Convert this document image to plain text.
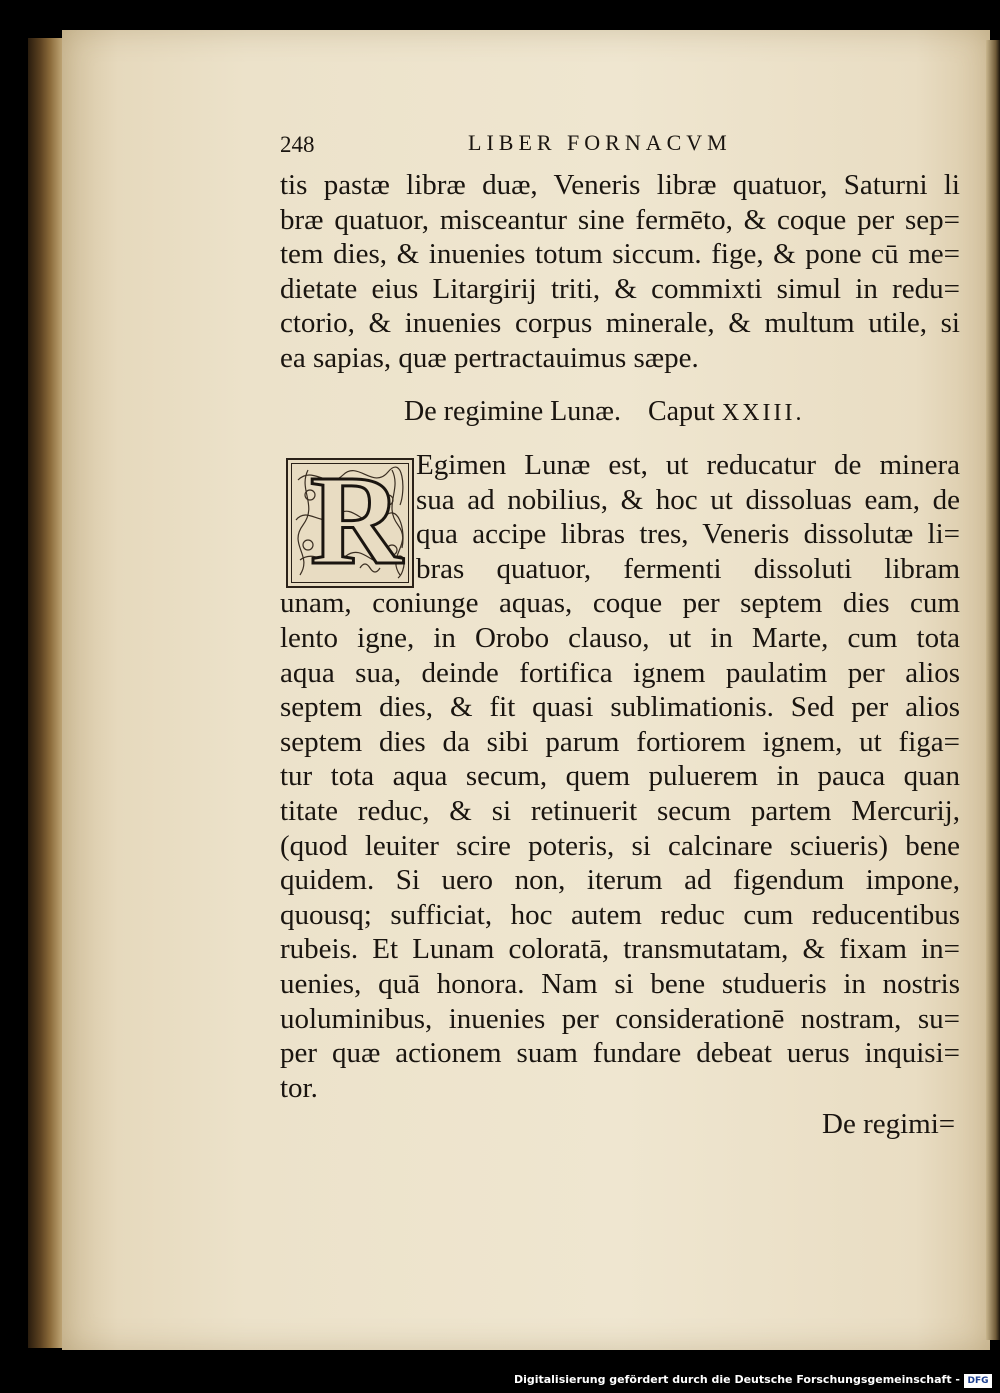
248	LIBER FORNACVM
tis pastæ libræ duæ, Veneris libræ quatuor, Saturni li
bræ quatuor, misceantur sine fermēto, & coque per sep=
tem dies, & inuenies totum siccum. fige, & pone cū me=
dietate eius Litargirij triti, & commixti simul in redu=
ctorio, & inuenies corpus minerale, & multum utile, si
ea sapias, quæ pertractauimus sæpe.
De regimine Lunæ. Caput XXIII.
R Egimen Lunæ est, ut reducatur de minera
sua ad nobilius, & hoc ut dissoluas eam, de
qua accipe libras tres, Veneris dissolutæ li=
bras quatuor, fermenti dissoluti libram
unam, coniunge aquas, coque per septem dies cum
lento igne, in Orobo clauso, ut in Marte, cum tota
aqua sua, deinde fortifica ignem paulatim per alios
septem dies, & fit quasi sublimationis. Sed per alios
septem dies da sibi parum fortiorem ignem, ut figa=
tur tota aqua secum, quem puluerem in pauca quan
titate reduc, & si retinuerit secum partem Mercurij,
(quod leuiter scire poteris, si calcinare sciueris) bene
quidem. Si uero non, iterum ad figendum impone,
quousq; sufficiat, hoc autem reduc cum reducentibus
rubeis. Et Lunam coloratā, transmutatam, & fixam in=
uenies, quā honora. Nam si bene studueris in nostris
uoluminibus, inuenies per considerationē nostram, su=
per quæ actionem suam fundare debeat uerus inquisi=
tor.
De regimi=
Digitalisierung gefördert durch die Deutsche Forschungsgemeinschaft - DFG
